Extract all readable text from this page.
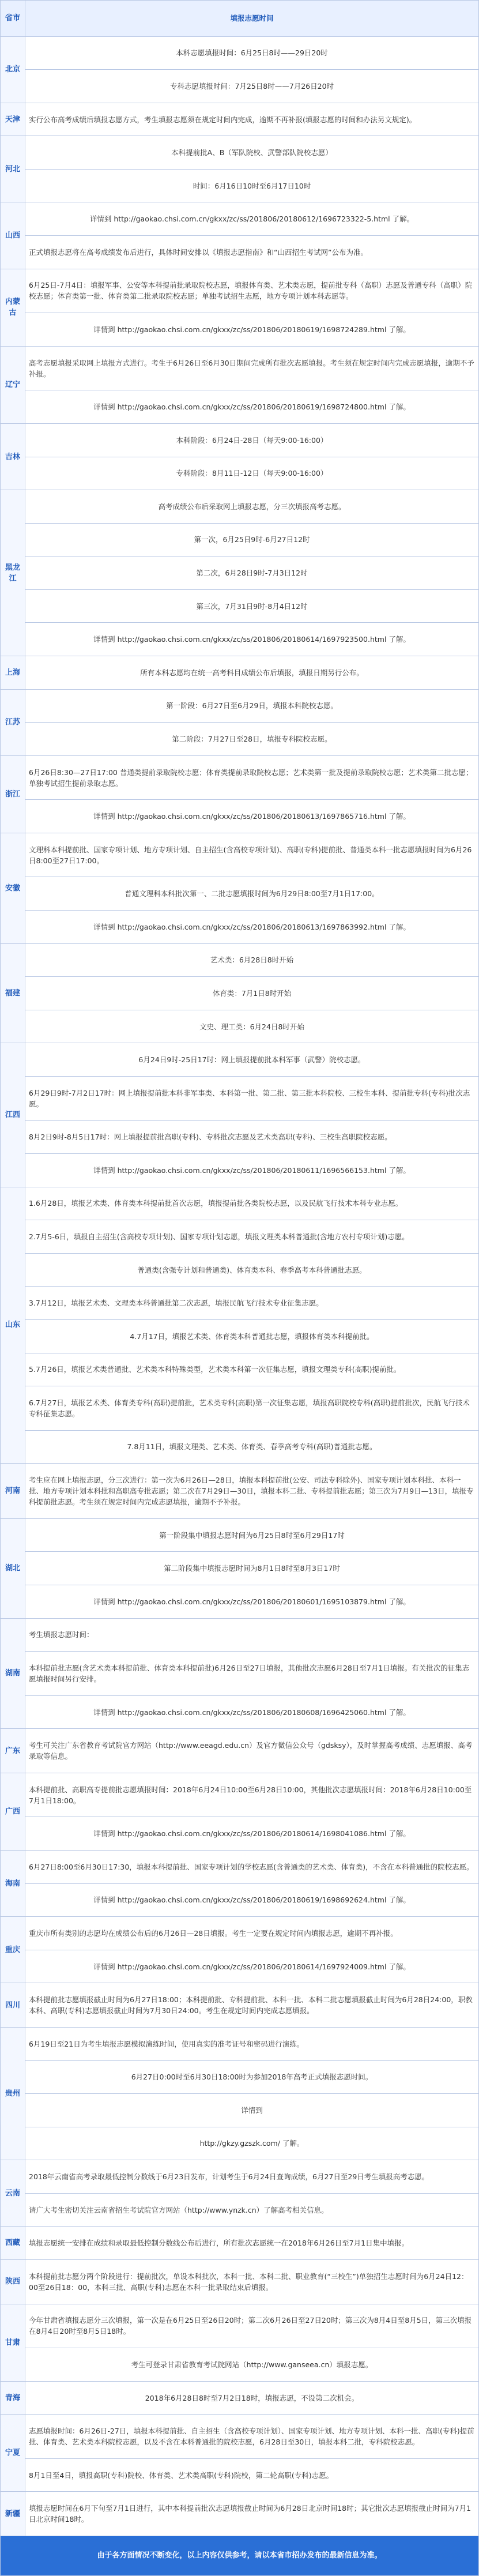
省市	填报志愿时间
北京	本科志愿填报时间：6月25日8时——29日20时
	专科志愿填报时间：7月25日8时——7月26日20时
天津	实行公布高考成绩后填报志愿方式，考生填报志愿须在规定时间内完成，逾期不再补报(填报志愿的时间和办法另文规定)。
河北	本科提前批A、B（军队院校、武警部队院校志愿）
	时间：6月16日10时至6月17日10时
山西	详情到 http://gaokao.chsi.com.cn/gkxx/zc/ss/201806/20180612/1696723322-5.html 了解。
	正式填报志愿将在高考成绩发布后进行，具体时间安排以《填报志愿指南》和“山西招生考试网”公布为准。
内蒙古	6月25日-7月4日：填报军事、公安等本科提前批录取院校志愿，填报体育类、艺术类志愿，提前批专科（高职）志愿及普通专科（高职）院校志愿；体育类第一批、体育类第二批录取院校志愿；单独考试招生志愿，地方专项计划本科志愿等。
	详情到 http://gaokao.chsi.com.cn/gkxx/zc/ss/201806/20180619/1698724289.html 了解。
辽宁	高考志愿填报采取网上填报方式进行。考生于6月26日至6月30日期间完成所有批次志愿填报。考生须在规定时间内完成志愿填报，逾期不予补报。
	详情到 http://gaokao.chsi.com.cn/gkxx/zc/ss/201806/20180619/1698724800.html 了解。
吉林	本科阶段：6月24日-28日（每天9:00-16:00）
	专科阶段：8月11日-12日（每天9:00-16:00）
黑龙江	高考成绩公布后采取网上填报志愿，分三次填报高考志愿。
	第一次，6月25日9时-6月27日12时
	第二次，6月28日9时-7月3日12时
	第三次，7月31日9时-8月4日12时
	详情到 http://gaokao.chsi.com.cn/gkxx/zc/ss/201806/20180614/1697923500.html 了解。
上海	所有本科志愿均在统一高考科目成绩公布后填报，填报日期另行公布。
江苏	第一阶段：6月27日至6月29日，填报本科院校志愿。
	第二阶段：7月27日至28日，填报专科院校志愿。
浙江	6月26日8:30—27日17:00 普通类提前录取院校志愿；体育类提前录取院校志愿；艺术类第一批及提前录取院校志愿；艺术类第二批志愿；单独考试招生提前录取志愿。
	详情到 http://gaokao.chsi.com.cn/gkxx/zc/ss/201806/20180613/1697865716.html 了解。
安徽	文理科本科提前批、国家专项计划、地方专项计划、自主招生(含高校专项计划)、高职(专科)提前批、普通类本科一批志愿填报时间为6月26日8:00至27日17:00。
	普通文理科本科批次第一、二批志愿填报时间为6月29日8:00至7月1日17:00。
	详情到 http://gaokao.chsi.com.cn/gkxx/zc/ss/201806/20180613/1697863992.html 了解。
福建	艺术类：6月28日8时开始
	体育类：7月1日8时开始
	文史、理工类：6月24日8时开始
江西	6月24日9时-25日17时：网上填报提前批本科军事（武警）院校志愿。
	6月29日9时-7月2日17时：网上填报提前批本科非军事类、本科第一批、第二批、第三批本科院校、三校生本科、提前批专科(专科)批次志愿。
	8月2日9时-8月5日17时：网上填报提前批高职(专科)、专科批次志愿及艺术类高职(专科)、三校生高职院校志愿。
	详情到 http://gaokao.chsi.com.cn/gkxx/zc/ss/201806/20180611/1696566153.html 了解。
山东	1.6月28日，填报艺术类、体育类本科提前批首次志愿，填报提前批各类院校志愿，以及民航飞行技术本科专业志愿。
	2.7月5-6日，填报自主招生(含高校专项计划)、国家专项计划志愿，填报文理类本科普通批(含地方农村专项计划)志愿。
	普通类(含强专计划和普通类)、体育类本科、春季高考本科普通批志愿。
	3.7月12日，填报艺术类、文理类本科普通批第二次志愿，填报民航飞行技术专业征集志愿。
	4.7月17日，填报艺术类、体育类本科普通批志愿，填报体育类本科提前批。
	5.7月26日，填报艺术类普通批、艺术类本科特殊类型，艺术类本科第一次征集志愿，填报文理类专科(高职)提前批。
	6.7月27日，填报艺术类、体育类专科(高职)提前批，艺术类专科(高职)第一次征集志愿，填报高职院校专科(高职)提前批次，民航飞行技术专科征集志愿。
	7.8月11日，填报文理类、艺术类、体育类、春季高考专科(高职)普通批志愿。
河南	考生应在网上填报志愿，分三次进行：第一次为6月26日—28日，填报本科提前批(公安、司法专科除外)、国家专项计划本科批、本科一批、地方专项计划本科批和高职高专批志愿；第二次在7月29日—30日，填报本科二批、专科提前批志愿；第三次为7月9日—13日，填报专科提前批志愿。考生须在规定时间内完成志愿填报，逾期不予补报。
湖北	第一阶段集中填报志愿时间为6月25日8时至6月29日17时
	第二阶段集中填报志愿时间为8月1日8时至8月3日17时
	详情到 http://gaokao.chsi.com.cn/gkxx/zc/ss/201806/20180601/1695103879.html 了解。
湖南	考生填报志愿时间：
	本科提前批志愿(含艺术类本科提前批、体育类本科提前批)6月26日至27日填报，其他批次志愿6月28日至7月1日填报。有关批次的征集志愿填报时间另行安排。
	详情到 http://gaokao.chsi.com.cn/gkxx/zc/ss/201806/20180608/1696425060.html 了解。
广东	考生可关注广东省教育考试院官方网站（http://www.eeagd.edu.cn）及官方微信公众号（gdsksy），及时掌握高考成绩、志愿填报、高考录取等信息。
广西	本科提前批、高职高专提前批志愿填报时间：2018年6月24日10:00至6月28日10:00，其他批次志愿填报时间：2018年6月28日10:00至7月1日18:00。
	详情到 http://gaokao.chsi.com.cn/gkxx/zc/ss/201806/20180614/1698041086.html 了解。
海南	6月27日8:00至6月30日17:30，填报本科提前批、国家专项计划的学校志愿(含普通类的艺术类、体育类)，不含在本科普通批的院校志愿。
	详情到 http://gaokao.chsi.com.cn/gkxx/zc/ss/201806/20180619/1698692624.html 了解。
重庆	重庆市所有类别的志愿均在成绩公布后的6月26日—28日填报。考生一定要在规定时间内填报志愿，逾期不再补报。
	详情到 http://gaokao.chsi.com.cn/gkxx/zc/ss/201806/20180614/1697924009.html 了解。
四川	本科提前批志愿填报截止时间为6月27日18:00；本科提前批、专科提前批、本科一批、本科二批志愿填报截止时间为6月28日24:00，职教本科、高职(专科)志愿填报截止时间为7月30日24:00。考生在规定时间内完成志愿填报。
贵州	6月19日至21日为考生填报志愿模拟演练时间，使用真实的准考证号和密码进行演练。
	6月27日0:00时至6月30日18:00时为参加2018年高考正式填报志愿时间。
	详情到
	http://gkzy.gzszk.com/ 了解。
云南	2018年云南省高考录取最低控制分数线于6月23日发布，计划考生于6月24日查询成绩，6月27日至29日考生填报高考志愿。
	请广大考生密切关注云南省招生考试院官方网站（http://www.ynzk.cn）了解高考相关信息。
西藏	填报志愿统一安排在成绩和录取最低控制分数线公布后进行，所有批次志愿统一在2018年6月26日至7月1日集中填报。
陕西	本科提前批志愿分两个阶段进行：提前批次，单设本科批次，本科一批、本科二批、职业教育(“三校生”)单独招生志愿时间为6月24日12：00至26日18：00，本科三批、高职(专科)志愿在本科一批录取结束后填报。
甘肃	今年甘肃省填报志愿分三次填报，第一次是在6月25日至26日20时；第二次6月26日至27日20时；第三次为8月4日至8月5日，第三次填报在8月4日20时至8月5日18时。
	考生可登录甘肃省教育考试院网站（http://www.ganseea.cn）填报志愿。
青海	2018年6月28日8时至7月2日18时，填报志愿，不设第二次机会。
宁夏	志愿填报时间：6月26日-27日，填报本科提前批、自主招生（含高校专项计划）、国家专项计划、地方专项计划、本科一批、高职(专科)提前批、体育类、艺术类本科院校志愿，以及不含在本科普通批的院校志愿，6月28日至30日，填报本科二批，专科院校志愿。
	8月1日至4日，填报高职(专科)院校、体育类、艺术类高职(专科)院校，第二轮高职(专科)志愿。
新疆	填报志愿时间在6月下旬至7月1日进行，其中本科提前批次志愿填报截止时间为6月28日北京时间18时；其它批次志愿填报截止时间为7月1日北京时间18时。
由于各方面情况不断变化，以上内容仅供参考，请以本省市招办发布的最新信息为准。	
